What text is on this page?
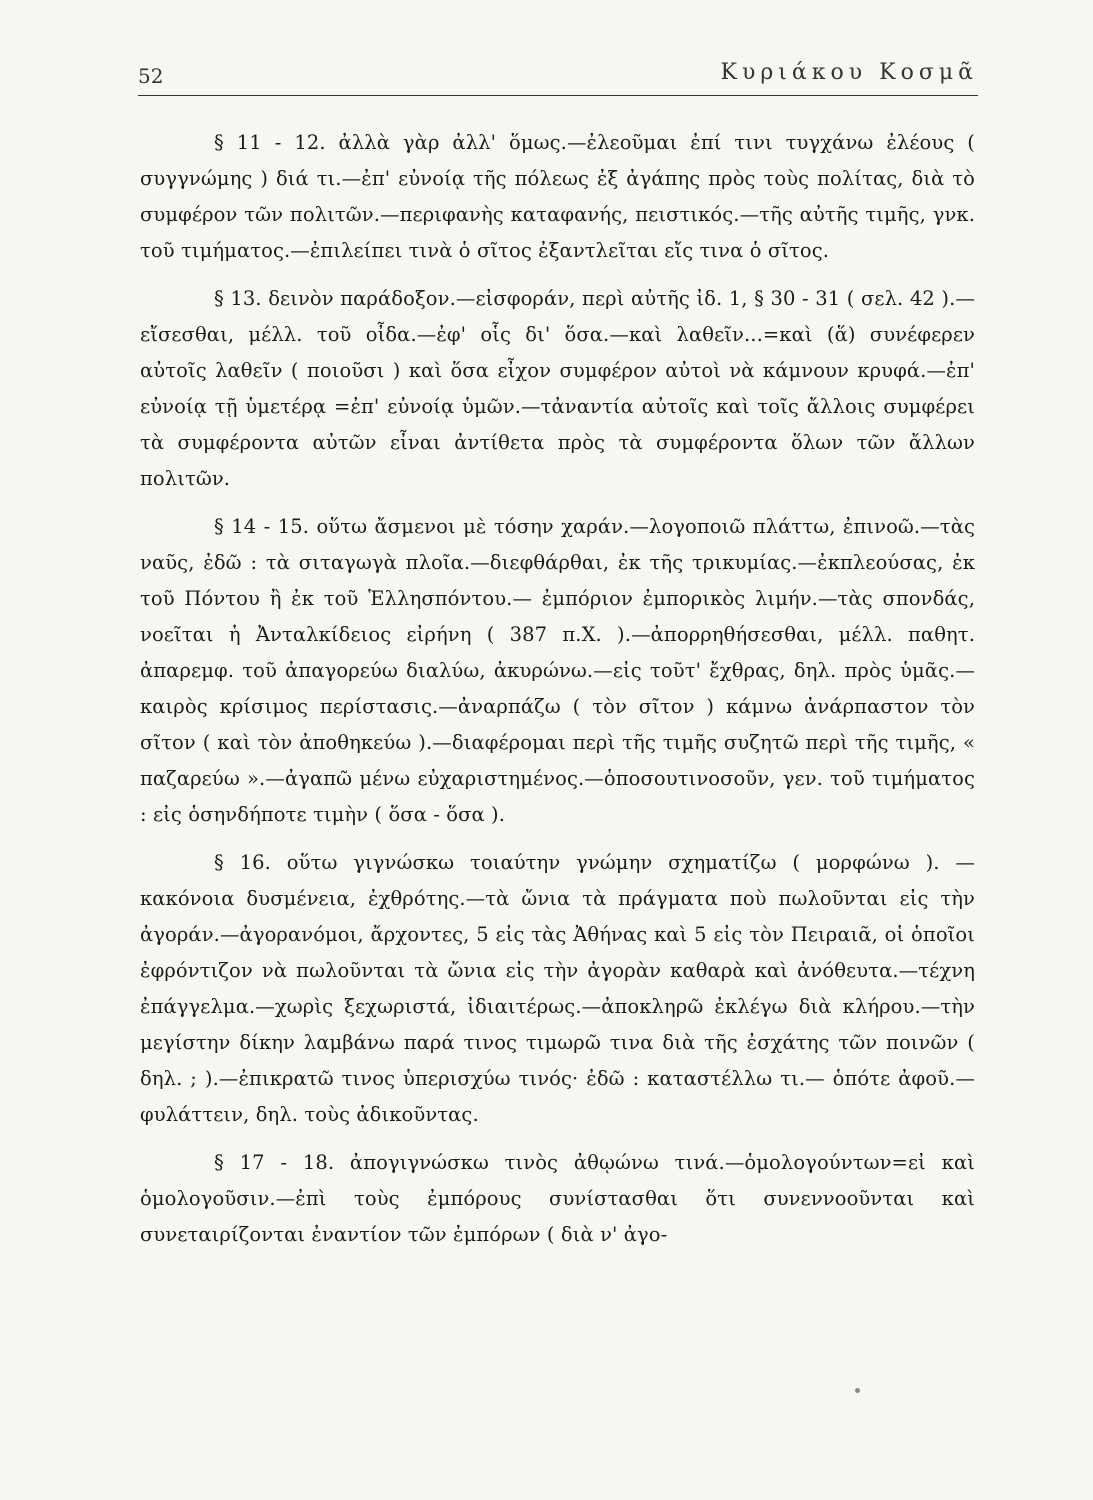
52	Κυριάκου Κοσμᾶ

§ 11 - 12. ἀλλὰ γὰρ ἀλλ' ὅμως.—ἐλεοῦμαι ἐπί τινι τυγχάνω ἐλέους ( συγγνώμης ) διά τι.—ἐπ' εὐνοίᾳ τῆς πόλεως ἐξ ἀγάπης πρὸς τοὺς πολίτας, διὰ τὸ συμφέρον τῶν πολιτῶν.—περιφανὴς καταφανής, πειστικός.—τῆς αὐτῆς τιμῆς, γνκ. τοῦ τιμήματος.—ἐπιλείπει τινὰ ὁ σῖτος ἐξαντλεῖται εἴς τινα ὁ σῖτος.

§ 13. δεινὸν παράδοξον.—εἰσφοράν, περὶ αὐτῆς ἰδ. 1, § 30 - 31 ( σελ. 42 ).—εἴσεσθαι, μέλλ. τοῦ οἶδα.—ἐφ' οἷς δι' ὅσα.—καὶ λαθεῖν...=καὶ (ἅ) συνέφερεν αὐτοῖς λαθεῖν ( ποιοῦσι ) καὶ ὅσα εἶχον συμφέρον αὐτοὶ νὰ κάμνουν κρυφά.—ἐπ' εὐνοίᾳ τῇ ὑμετέρᾳ =ἐπ' εὐνοίᾳ ὑμῶν.—τἀναντία αὐτοῖς καὶ τοῖς ἄλλοις συμφέρει τὰ συμφέροντα αὐτῶν εἶναι ἀντίθετα πρὸς τὰ συμφέροντα ὅλων τῶν ἄλλων πολιτῶν.

§ 14 - 15. οὕτω ἄσμενοι μὲ τόσην χαράν.—λογοποιῶ πλάττω, ἐπινοῶ.—τὰς ναῦς, ἐδῶ : τὰ σιταγωγὰ πλοῖα.—διεφθάρθαι, ἐκ τῆς τρικυμίας.—ἐκπλεούσας, ἐκ τοῦ Πόντου ἢ ἐκ τοῦ Ἑλλησπόντου.— ἐμπόριον ἐμπορικὸς λιμήν.—τὰς σπονδάς, νοεῖται ἡ Ἀνταλκίδειος εἰρήνη ( 387 π.Χ. ).—ἀπορρηθήσεσθαι, μέλλ. παθητ. ἀπαρεμφ. τοῦ ἀπαγορεύω διαλύω, ἀκυρώνω.—εἰς τοῦτ' ἔχθρας, δηλ. πρὸς ὑμᾶς.— καιρὸς κρίσιμος περίστασις.—ἀναρπάζω ( τὸν σῖτον ) κάμνω ἀνάρπαστον τὸν σῖτον ( καὶ τὸν ἀποθηκεύω ).—διαφέρομαι περὶ τῆς τιμῆς συζητῶ περὶ τῆς τιμῆς, « παζαρεύω ».—ἀγαπῶ μένω εὐχαριστημένος.—ὁποσουτινοσοῦν, γεν. τοῦ τιμήματος : εἰς ὁσηνδήποτε τιμὴν ( ὅσα - ὅσα ).

§ 16. οὕτω γιγνώσκω τοιαύτην γνώμην σχηματίζω ( μορφώνω ). — κακόνοια δυσμένεια, ἐχθρότης.—τὰ ὤνια τὰ πράγματα ποὺ πωλοῦνται εἰς τὴν ἀγοράν.—ἀγορανόμοι, ἄρχοντες, 5 εἰς τὰς Ἀθήνας καὶ 5 εἰς τὸν Πειραιᾶ, οἱ ὁποῖοι ἐφρόντιζον νὰ πωλοῦνται τὰ ὤνια εἰς τὴν ἀγορὰν καθαρὰ καὶ ἀνόθευτα.—τέχνη ἐπάγγελμα.—χωρὶς ξεχωριστά, ἰδιαιτέρως.—ἀποκληρῶ ἐκλέγω διὰ κλήρου.—τὴν μεγίστην δίκην λαμβάνω παρά τινος τιμωρῶ τινα διὰ τῆς ἐσχάτης τῶν ποινῶν ( δηλ. ; ).—ἐπικρατῶ τινος ὑπερισχύω τινός· ἐδῶ : καταστέλλω τι.— ὁπότε ἀφοῦ.—φυλάττειν, δηλ. τοὺς ἀδικοῦντας.

§ 17 - 18. ἀπογιγνώσκω τινὸς ἀθῳώνω τινά.—ὁμολογούντων=εἰ καὶ ὁμολογοῦσιν.—ἐπὶ τοὺς ἐμπόρους συνίστασθαι ὅτι συνεννοοῦνται καὶ συνεταιρίζονται ἐναντίον τῶν ἐμπόρων ( διὰ ν' ἀγο-
